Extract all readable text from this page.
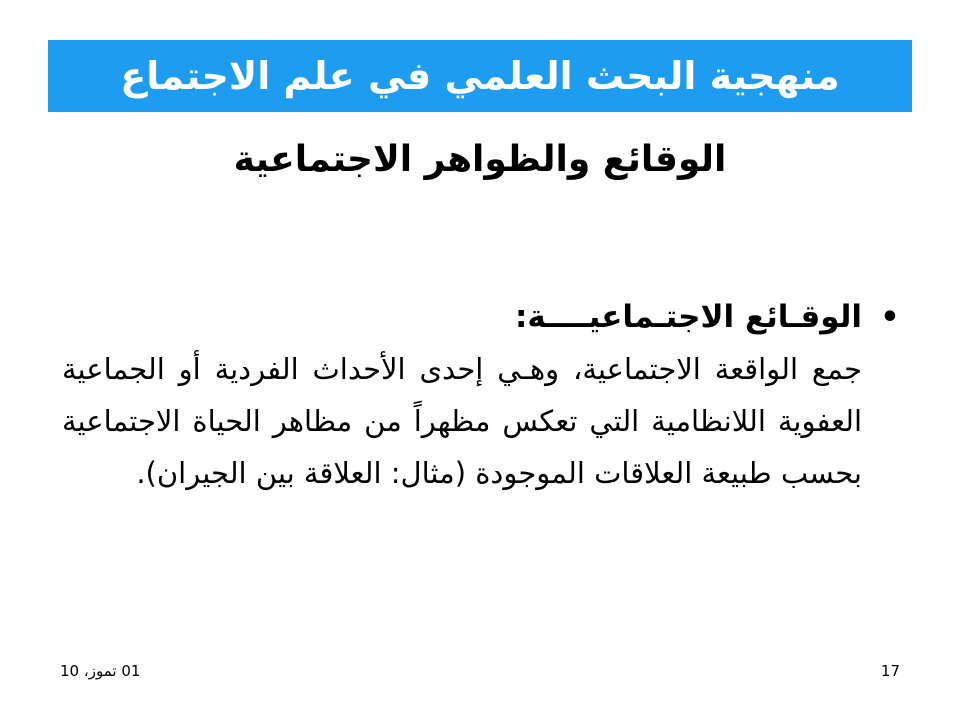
منهجية البحث العلمي في علم الاجتماع
الوقائع والظواهر الاجتماعية
•
الوقـائع الاجتـماعيــــة:
جمع الواقعة الاجتماعية، وهـي إحدى الأحداث الفردية أو الجماعية العفوية اللانظامية التي تعكس مظهراً من مظاهر الحياة الاجتماعية بحسب طبيعة العلاقات الموجودة (مثال: العلاقة بين الجيران).
01 تموز، 10	17
